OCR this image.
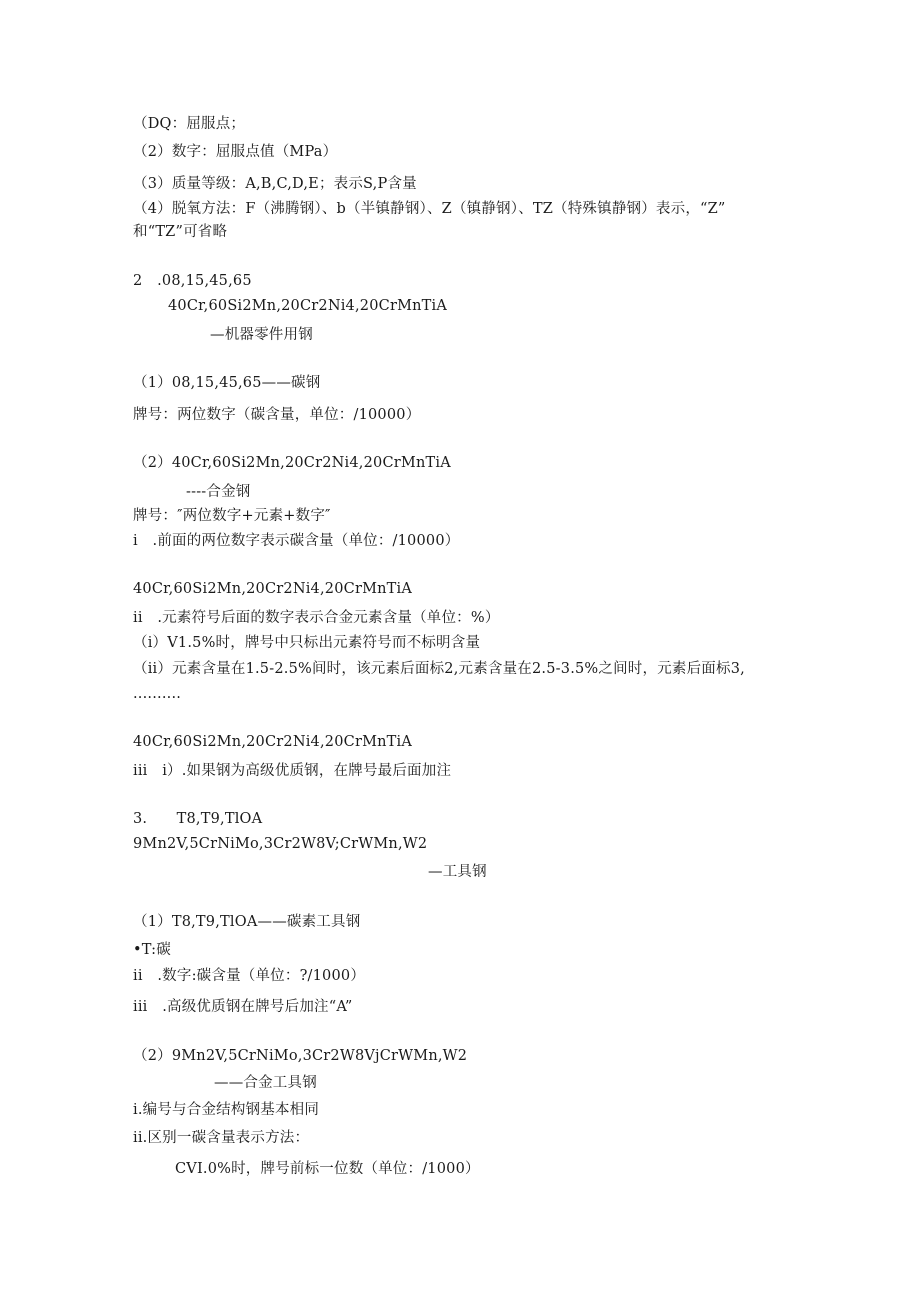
（DQ：屈服点；
（2）数字：屈服点值（MPa）
（3）质量等级：A,B,C,D,E；表示S,P含量
（4）脱氧方法：F（沸腾钢）、b（半镇静钢）、Z（镇静钢）、TZ（特殊镇静钢）表示，“Z”
和“TZ”可省略
2　.08,15,45,65
40Cr,60Si2Mn,20Cr2Ni4,20CrMnTiA
—机器零件用钢
（1）08,15,45,65——碳钢
牌号：两位数字（碳含量，单位：/10000）
（2）40Cr,60Si2Mn,20Cr2Ni4,20CrMnTiA
----合金钢
牌号：″两位数字+元素+数字″
i　.前面的两位数字表示碳含量（单位：/10000）
40Cr,60Si2Mn,20Cr2Ni4,20CrMnTiA
ii　.元素符号后面的数字表示合金元素含量（单位：%）
（i）V1.5%时，牌号中只标出元素符号而不标明含量
（ii）元素含量在1.5-2.5%间时，该元素后面标2,元素含量在2.5-3.5%之间时，元素后面标3,
..........
40Cr,60Si2Mn,20Cr2Ni4,20CrMnTiA
iii　i）.如果钢为高级优质钢，在牌号最后面加注
3.　　T8,T9,TlOA
9Mn2V,5CrNiMo,3Cr2W8V;CrWMn,W2
—工具钢
（1）T8,T9,TlOA——碳素工具钢
•T:碳
ii　.数字:碳含量（单位：?/1000）
iii　.高级优质钢在牌号后加注“A”
（2）9Mn2V,5CrNiMo,3Cr2W8VjCrWMn,W2
——合金工具钢
i.编号与合金结构钢基本相同
ii.区别一碳含量表示方法：
CVI.0%时，牌号前标一位数（单位：/1000）
